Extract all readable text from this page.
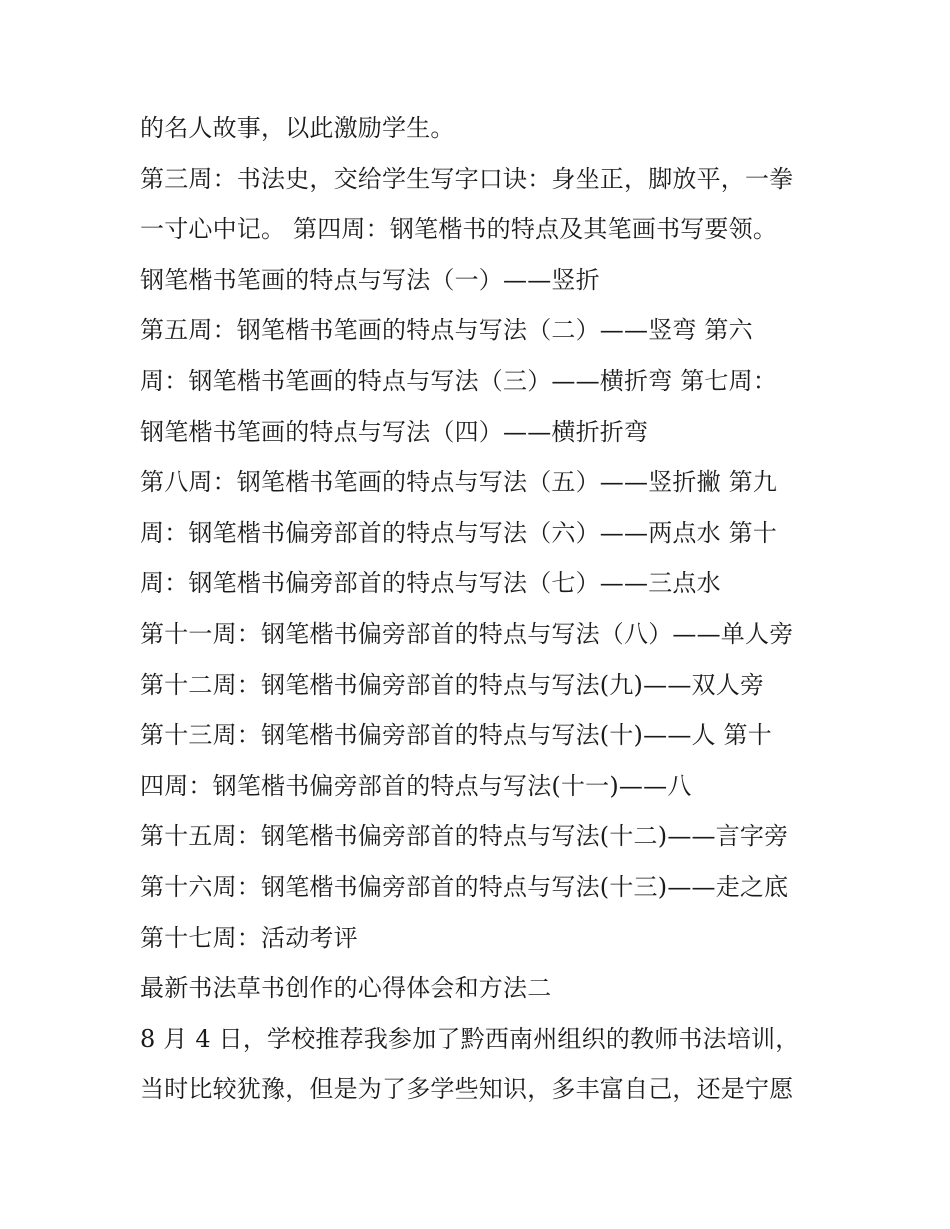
的名人故事，以此激励学生。

第三周：书法史，交给学生写字口诀：身坐正，脚放平，一拳

一寸心中记。 第四周：钢笔楷书的特点及其笔画书写要领。

钢笔楷书笔画的特点与写法（一）——竖折

第五周：钢笔楷书笔画的特点与写法（二）——竖弯 第六

周：钢笔楷书笔画的特点与写法（三）——横折弯 第七周：

钢笔楷书笔画的特点与写法（四）——横折折弯

第八周：钢笔楷书笔画的特点与写法（五）——竖折撇 第九

周：钢笔楷书偏旁部首的特点与写法（六）——两点水 第十

周：钢笔楷书偏旁部首的特点与写法（七）——三点水

第十一周：钢笔楷书偏旁部首的特点与写法（八）——单人旁

第十二周：钢笔楷书偏旁部首的特点与写法(九)——双人旁

第十三周：钢笔楷书偏旁部首的特点与写法(十)——人 第十

四周：钢笔楷书偏旁部首的特点与写法(十一)——八

第十五周：钢笔楷书偏旁部首的特点与写法(十二)——言字旁

第十六周：钢笔楷书偏旁部首的特点与写法(十三)——走之底

第十七周：活动考评

最新书法草书创作的心得体会和方法二

8 月 4 日，学校推荐我参加了黔西南州组织的教师书法培训，

当时比较犹豫，但是为了多学些知识，多丰富自己，还是宁愿
